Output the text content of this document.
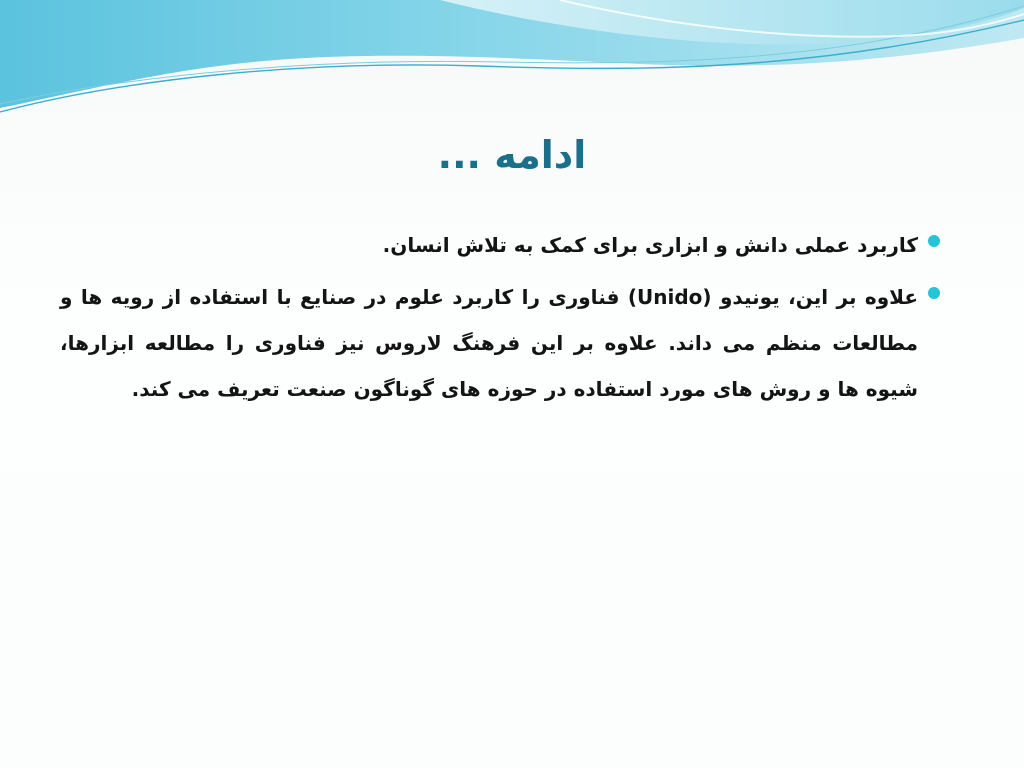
ادامه ...
کاربرد عملی دانش و ابزاری برای کمک به تلاش انسان.
علاوه بر این، یونیدو (Unido) فناوری را کاربرد علوم در صنایع با استفاده از رویه ها و مطالعات منظم می داند. علاوه بر این فرهنگ لاروس نیز فناوری را مطالعه ابزارها، شیوه ها و روش های مورد استفاده در حوزه های گوناگون صنعت تعریف می کند.
